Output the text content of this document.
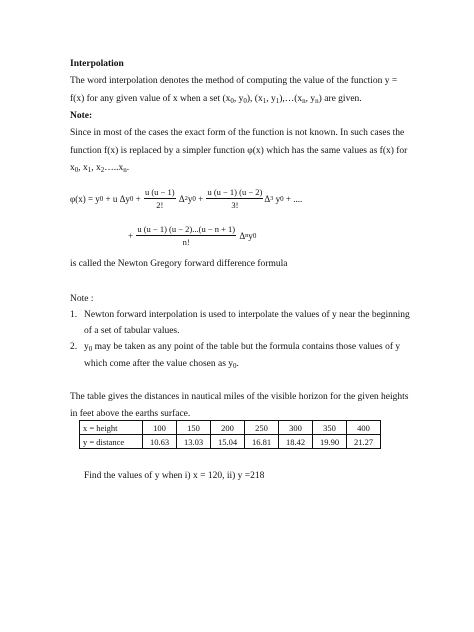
Interpolation
The word interpolation denotes the method of computing the value of the function y =
f(x) for any given value of x when a set ($x_0$, $y_0$), ($x_1$, $y_1),\dots(x_n$, $y_n$) are given.
Note:
Since in most of the cases the exact form of the function is not known. In such cases the
function f(x) is replaced by a simpler function φ(x) which has the same values as f(x) for
$x_0$, $x_1$, $x_2\dots..x_n$.
φ(x) = y 0 + u Δy $0 + \frac{u (u - 1)}{2!}$
Δ 2 y $0 + \frac{u (u - 1) (u - 2)}{3!}$ Δ 3 y 0 + ....
+
$\frac{u (u - 1) (u - 2)...(u - n + 1)}{n!}$
Δ n y 0
is called the Newton Gregory forward difference formula
Note :
1. Newton forward interpolation is used to interpolate the values of y near the beginning
of a set of tabular values.
2. $y_0$ may be taken as any point of the table but the formula contains those values of y
which come after the value chosen as $y_0$.
The table gives the distances in nautical miles of the visible horizon for the given heights
in feet above the earths surface.
x = height	100	150	200	250	300	350	400
y = distance	10.63	13.03	15.04	16.81	18.42	19.90	21.27
Find the values of y when i) x = 120, ii) y =218
